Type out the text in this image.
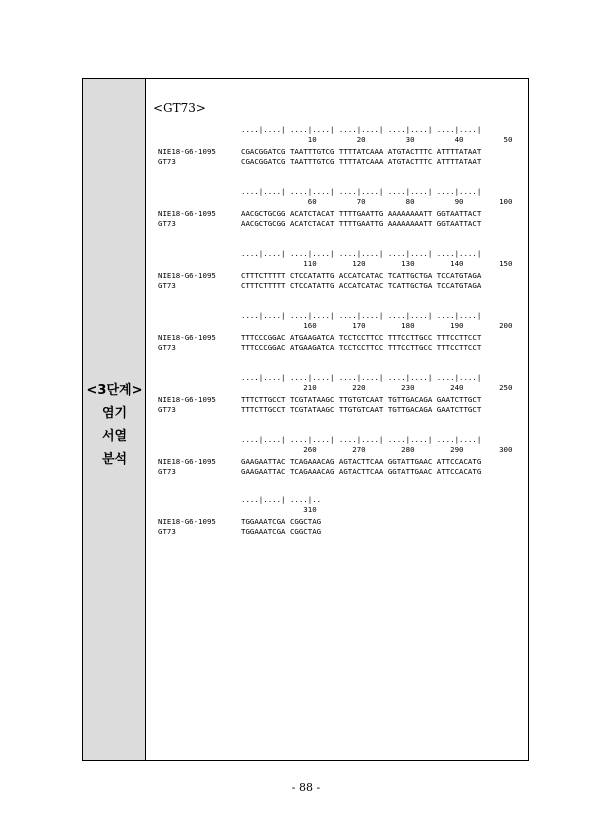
<3단계>
염기
서열
분석
<GT73>
....|....| ....|....| ....|....| ....|....| ....|....|
10         20         30         40         50
NIE18-G6-1095	CGACGGATCG TAATTTGTCG TTTTATCAAA ATGTACTTTC ATTTTATAAT
GT73	CGACGGATCG TAATTTGTCG TTTTATCAAA ATGTACTTTC ATTTTATAAT
....|....| ....|....| ....|....| ....|....| ....|....|
60         70         80         90        100
NIE18-G6-1095	AACGCTGCGG ACATCTACAT TTTTGAATTG AAAAAAAATT GGTAATTACT
GT73	AACGCTGCGG ACATCTACAT TTTTGAATTG AAAAAAAATT GGTAATTACT
....|....| ....|....| ....|....| ....|....| ....|....|
110        120        130        140        150
NIE18-G6-1095	CTTTCTTTTT CTCCATATTG ACCATCATAC TCATTGCTGA TCCATGTAGA
GT73	CTTTCTTTTT CTCCATATTG ACCATCATAC TCATTGCTGA TCCATGTAGA
....|....| ....|....| ....|....| ....|....| ....|....|
160        170        180        190        200
NIE18-G6-1095	TTTCCCGGAC ATGAAGATCA TCCTCCTTCC TTTCCTTGCC TTTCCTTCCT
GT73	TTTCCCGGAC ATGAAGATCA TCCTCCTTCC TTTCCTTGCC TTTCCTTCCT
....|....| ....|....| ....|....| ....|....| ....|....|
210        220        230        240        250
NIE18-G6-1095	TTTCTTGCCT TCGTATAAGC TTGTGTCAAT TGTTGACAGA GAATCTTGCT
GT73	TTTCTTGCCT TCGTATAAGC TTGTGTCAAT TGTTGACAGA GAATCTTGCT
....|....| ....|....| ....|....| ....|....| ....|....|
260        270        280        290        300
NIE18-G6-1095	GAAGAATTAC TCAGAAACAG AGTACTTCAA GGTATTGAAC ATTCCACATG
GT73	GAAGAATTAC TCAGAAACAG AGTACTTCAA GGTATTGAAC ATTCCACATG
....|....| ....|..
310
NIE18-G6-1095	TGGAAATCGA CGGCTAG
GT73	TGGAAATCGA CGGCTAG
- 88 -
